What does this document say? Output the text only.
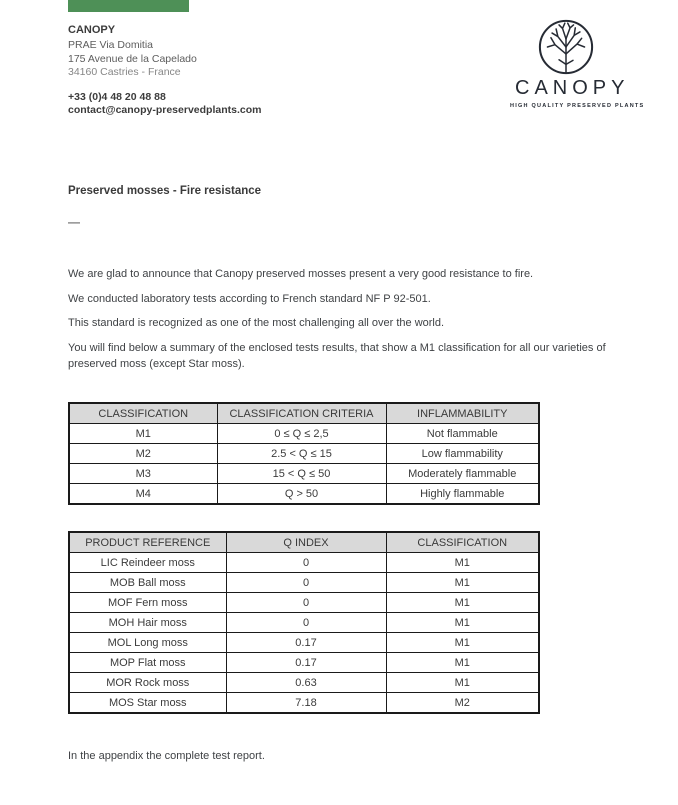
CANOPY
PRAE Via Domitia
175 Avenue de la Capelado
34160 Castries - France
+33 (0)4 48 20 48 88
contact@canopy-preservedplants.com
CANOPY
HIGH QUALITY PRESERVED PLANTS
Preserved mosses - Fire resistance
—

We are glad to announce that Canopy preserved mosses present a very good resistance to fire.

We conducted laboratory tests according to French standard NF P 92-501.

This standard is recognized as one of the most challenging all over the world.

You will find below a summary of the enclosed tests results, that show a M1 classification for all our varieties of preserved moss (except Star moss).

CLASSIFICATION	CLASSIFICATION CRITERIA	INFLAMMABILITY
M1	0 ≤ Q ≤ 2,5	Not flammable
M2	2.5 < Q ≤ 15	Low flammability
M3	15 < Q ≤ 50	Moderately flammable
M4	Q > 50	Highly flammable
PRODUCT REFERENCE	Q INDEX	CLASSIFICATION
LIC Reindeer moss	0	M1
MOB Ball moss	0	M1
MOF Fern moss	0	M1
MOH Hair moss	0	M1
MOL Long moss	0.17	M1
MOP Flat moss	0.17	M1
MOR Rock moss	0.63	M1
MOS Star moss	7.18	M2
In the appendix the complete test report.
